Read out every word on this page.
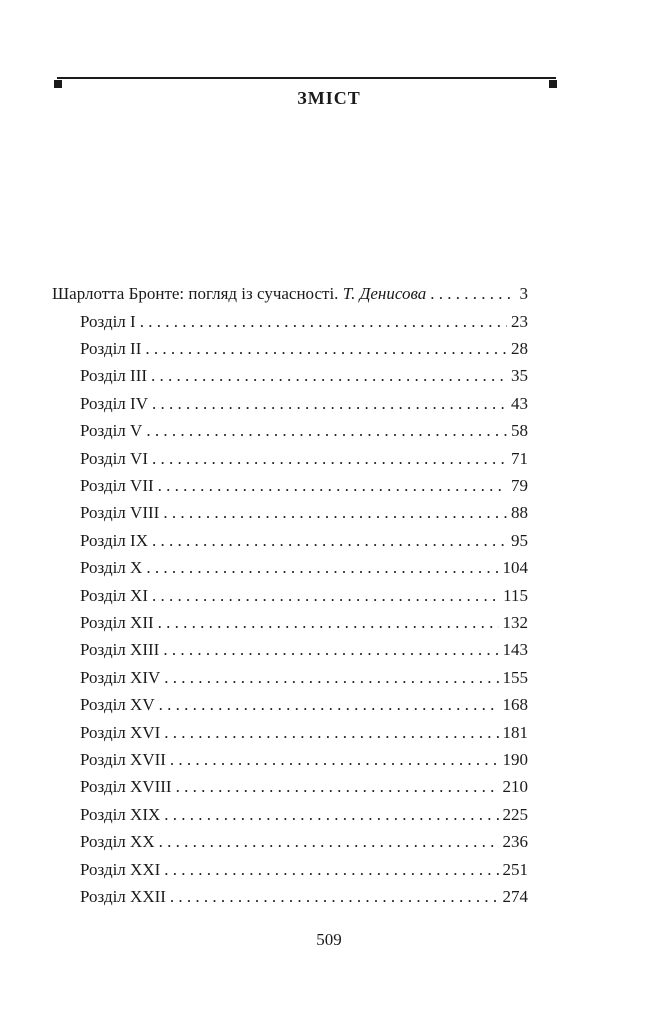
ЗМІСТ
Шарлотта Бронте: погляд із сучасності. Т. Денисова . . .	3
Розділ I . . .	23
Розділ II . . .	28
Розділ III . . .	35
Розділ IV . . .	43
Розділ V . . .	58
Розділ VI . . .	71
Розділ VII . . .	79
Розділ VIII . . .	88
Розділ IX . . .	95
Розділ X . . .	104
Розділ XI . . .	115
Розділ XII . . .	132
Розділ XIII . . .	143
Розділ XIV . . .	155
Розділ XV . . .	168
Розділ XVI . . .	181
Розділ XVII . . .	190
Розділ XVIII . . .	210
Розділ XIX . . .	225
Розділ XX . . .	236
Розділ XXI . . .	251
Розділ XXII . . .	274
509
